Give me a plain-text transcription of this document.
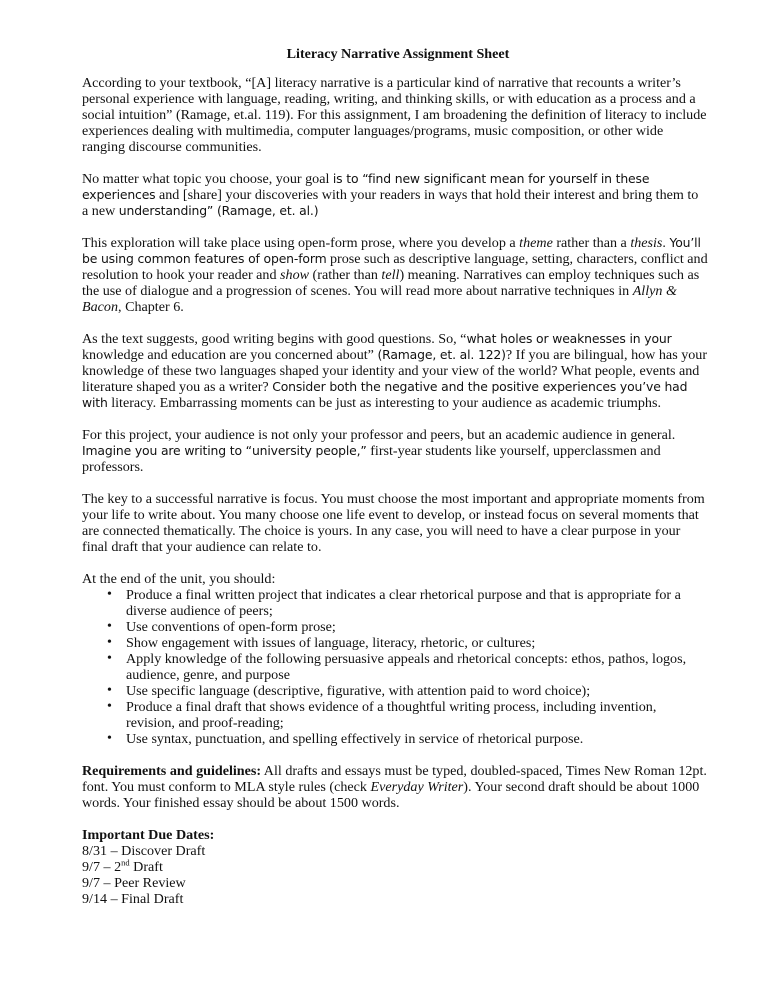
Literacy Narrative Assignment Sheet

According to your textbook, “[A] literacy narrative is a particular kind of narrative that recounts a writer’s personal experience with language, reading, writing, and thinking skills, or with education as a process and a social intuition” (Ramage, et.al. 119). For this assignment, I am broadening the definition of literacy to include experiences dealing with multimedia, computer languages/programs, music composition, or other wide ranging discourse communities.

No matter what topic you choose, your goal is to “find new significant mean for yourself in these experiences and [share] your discoveries with your readers in ways that hold their interest and bring them to a new understanding” (Ramage, et. al.)

This exploration will take place using open-form prose, where you develop a theme rather than a thesis. You’ll be using common features of open-form prose such as descriptive language, setting, characters, conflict and resolution to hook your reader and show (rather than tell) meaning. Narratives can employ techniques such as the use of dialogue and a progression of scenes. You will read more about narrative techniques in Allyn & Bacon, Chapter 6.

As the text suggests, good writing begins with good questions. So, “what holes or weaknesses in your knowledge and education are you concerned about” (Ramage, et. al. 122)? If you are bilingual, how has your knowledge of these two languages shaped your identity and your view of the world? What people, events and literature shaped you as a writer? Consider both the negative and the positive experiences you’ve had with literacy. Embarrassing moments can be just as interesting to your audience as academic triumphs.

For this project, your audience is not only your professor and peers, but an academic audience in general. Imagine you are writing to “university people,” first-year students like yourself, upperclassmen and professors.

The key to a successful narrative is focus. You must choose the most important and appropriate moments from your life to write about. You many choose one life event to develop, or instead focus on several moments that are connected thematically. The choice is yours. In any case, you will need to have a clear purpose in your final draft that your audience can relate to.

At the end of the unit, you should:
• Produce a final written project that indicates a clear rhetorical purpose and that is appropriate for a diverse audience of peers;
• Use conventions of open-form prose;
• Show engagement with issues of language, literacy, rhetoric, or cultures;
• Apply knowledge of the following persuasive appeals and rhetorical concepts: ethos, pathos, logos, audience, genre, and purpose
• Use specific language (descriptive, figurative, with attention paid to word choice);
• Produce a final draft that shows evidence of a thoughtful writing process, including invention, revision, and proof-reading;
• Use syntax, punctuation, and spelling effectively in service of rhetorical purpose.

Requirements and guidelines: All drafts and essays must be typed, doubled-spaced, Times New Roman 12pt. font. You must conform to MLA style rules (check Everyday Writer). Your second draft should be about 1000 words. Your finished essay should be about 1500 words.

Important Due Dates:
8/31 – Discover Draft
9/7 – 2nd Draft
9/7 – Peer Review
9/14 – Final Draft
